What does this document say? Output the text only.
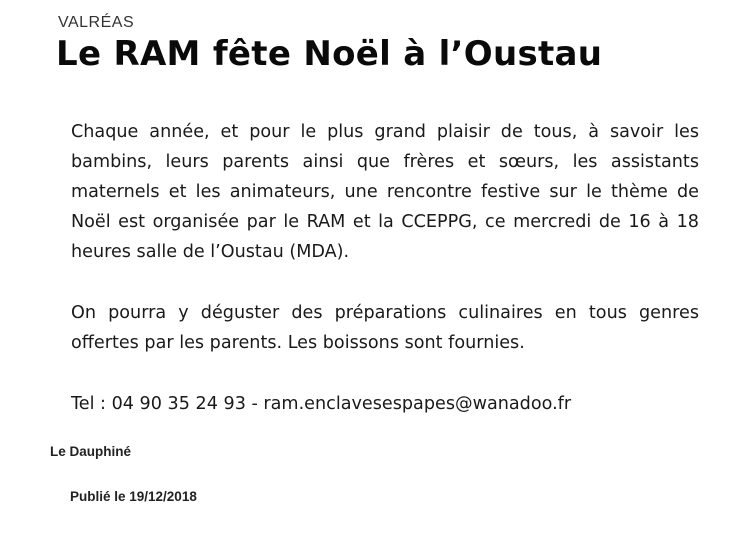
VALRÉAS
Le RAM fête Noël à l’Oustau

Chaque année, et pour le plus grand plaisir de tous, à savoir les bambins, leurs parents ainsi que frères et sœurs, les assistants maternels et les animateurs, une rencontre festive sur le thème de Noël est organisée par le RAM et la CCEPPG, ce mercredi de 16 à 18 heures salle de l’Oustau (MDA).

On pourra y déguster des préparations culinaires en tous genres offertes par les parents. Les boissons sont fournies.

Tel : 04 90 35 24 93 - ram.enclavesespapes@wanadoo.fr

Le Dauphiné
Publié le 19/12/2018
